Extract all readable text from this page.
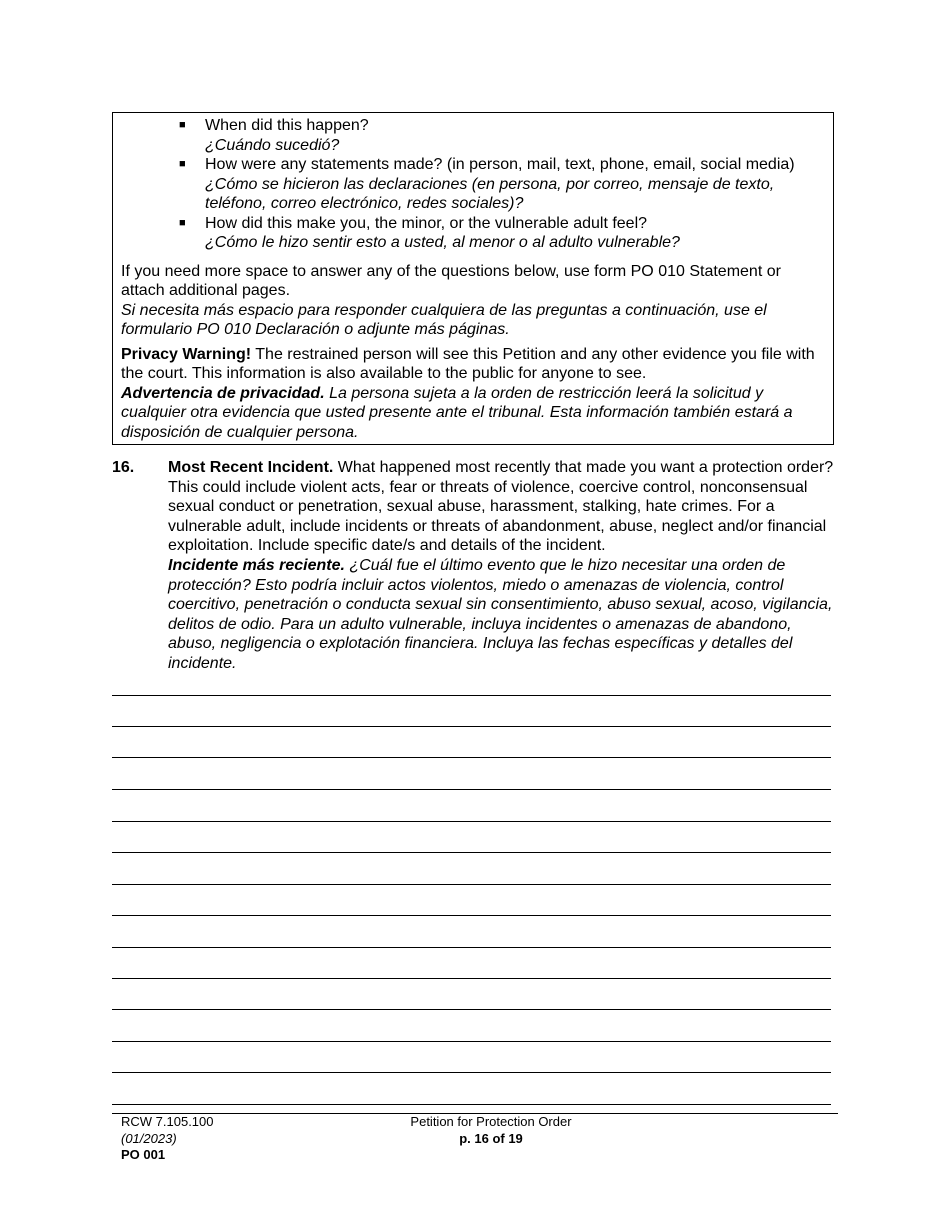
■ When did this happen?
¿Cuándo sucedió?
■ How were any statements made? (in person, mail, text, phone, email, social media)
¿Cómo se hicieron las declaraciones (en persona, por correo, mensaje de texto, teléfono, correo electrónico, redes sociales)?
■ How did this make you, the minor, or the vulnerable adult feel?
¿Cómo le hizo sentir esto a usted, al menor o al adulto vulnerable?
If you need more space to answer any of the questions below, use form PO 010 Statement or attach additional pages.
Si necesita más espacio para responder cualquiera de las preguntas a continuación, use el formulario PO 010 Declaración o adjunte más páginas.
Privacy Warning! The restrained person will see this Petition and any other evidence you file with the court. This information is also available to the public for anyone to see.
Advertencia de privacidad. La persona sujeta a la orden de restricción leerá la solicitud y cualquier otra evidencia que usted presente ante el tribunal. Esta información también estará a disposición de cualquier persona.
16. Most Recent Incident. What happened most recently that made you want a protection order? This could include violent acts, fear or threats of violence, coercive control, nonconsensual sexual conduct or penetration, sexual abuse, harassment, stalking, hate crimes. For a vulnerable adult, include incidents or threats of abandonment, abuse, neglect and/or financial exploitation. Include specific date/s and details of the incident.
Incidente más reciente. ¿Cuál fue el último evento que le hizo necesitar una orden de protección? Esto podría incluir actos violentos, miedo o amenazas de violencia, control coercitivo, penetración o conducta sexual sin consentimiento, abuso sexual, acoso, vigilancia, delitos de odio. Para un adulto vulnerable, incluya incidentes o amenazas de abandono, abuso, negligencia o explotación financiera. Incluya las fechas específicas y detalles del incidente.
RCW 7.105.100
(01/2023)
PO 001
Petition for Protection Order
p. 16 of 19
